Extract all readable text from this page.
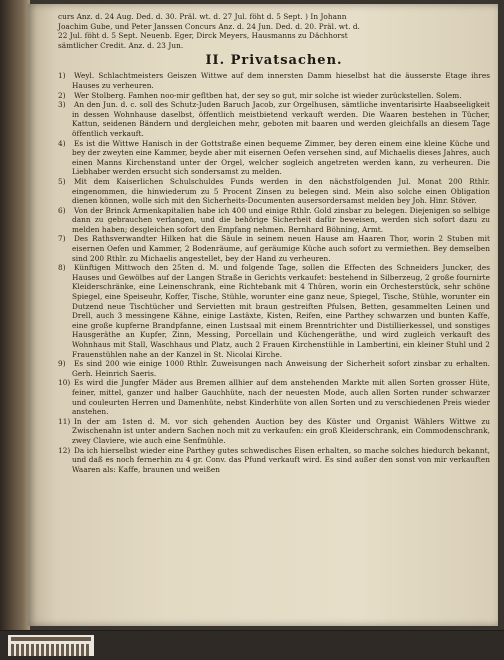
curs Anz. d. 24 Aug. Ded. d. 30. Präl. wt. d. 27 Jul. föht d. 5 Sept. ) In Johann
Joachim Gube, und Peter Janssen Concurs Anz. d. 24 Jun. Ded. d. 20. Präl. wt. d.
22 Jul. föht d. 5 Sept. Neuenb. Eger, Dirck Meyers, Hausmanns zu Dächhorst
sämtlicher Credit. Anz. d. 23 Jun.
II. Privatsachen.
1) Weyl. Schlachtmeisters Geiszen Wittwe auf dem innersten Damm hieselbst hat die äusserste Etage ihres Hauses zu verheuren.
2) Wer Stolberg. Famhen noo-mir gefltben hat, der sey so gut, mir solche ist wieder zurückstellen. Solem.
3) An den Jun. d. c. soll des Schutz-Juden Baruch Jacob, zur Orgelhusen, sämtliche inventarisirte Haabseeligkeit in dessen Wohnhause daselbst, öffentlich meistbietend verkauft werden. Die Waaren bestehen in Tücher, Kattun, seidenen Bändern und dergleichen mehr, geboten mit baaren und werden gleichfalls an diesem Tage öffentlich verkauft.
4) Es ist die Wittwe Hanisch in der Gottstraße einen bequeme Zimmer, bey deren einem eine kleine Küche und bey der zweyten eine Kammer, beyde aber mit eisernen Oefen versehen sind, auf Michaelis dieses Jahres, auch einen Manns Kirchenstand unter der Orgel, welcher sogleich angetreten werden kann, zu verheuren. Die Liebhaber werden ersucht sich sondersamst zu melden.
5) Mit dem Kaiserlichen Schulschuldes Funds werden in den nächstfolgenden Jul. Monat 200 Rthlr. eingenommen, die hinwiederum zu 5 Procent Zinsen zu belegen sind. Mein also solche einen Obligation dienen können, wolle sich mit den Sicherheits-Documenten ausersordersamst melden bey Joh. Hinr. Stöver.
6) Von der Brinck Armenkapitalien habe ich 400 und einige Rthlr. Gold zinsbar zu belegen. Diejenigen so selbige dann zu gebrauchen verlangen, und die behörige Sicherheit dafür beweisen, werden sich sofort dazu zu melden haben; desgleichen sofort den Empfang nehmen. Bernhard Böhning, Armt.
7) Des Rathsverwandter Hilken hat die Säule in seinem neuen Hause am Haaren Thor, worin 2 Stuben mit eisernen Oefen und Kammer, 2 Bodenräume, auf geräumige Küche auch sofort zu vermiethen. Bey demselben sind 200 Rthlr. zu Michaelis angestellet, bey der Hand zu verheuren.
8) Künftigen Mittwoch den 25ten d. M. und folgende Tage, sollen die Effecten des Schneiders Juncker, des Hauses und Gewölbes auf der Langen Straße in Gerichts verkaufet: bestehend in Silberzeug, 2 große fournirte Kleiderschränke, eine Leinenschrank, eine Richtebank mit 4 Thüren, worin ein Orchesterstück, sehr schöne Spiegel, eine Speiseuhr, Koffer, Tische, Stühle, worunter eine ganz neue, Spiegel, Tische, Stühle, worunter ein Dutzend neue Tischtücher und Servietten mit braun gestreiften Pfulsen, Betten, gesammelten Leinen und Drell, auch 3 messingene Kähne, einige Lastäxte, Kisten, Reifen, eine Parthey schwarzen und bunten Kaffe, eine große kupferne Brandpfanne, einen Lustsaal mit einem Brenntrichter und Distillierkessel, und sonstiges Hausgeräthe an Kupfer, Zinn, Messing, Porcellain und Küchengeräthe, und wird zugleich verkauft des Wohnhaus mit Stall, Waschhaus und Platz, auch 2 Frauen Kirchenstühle in Lambertini, ein kleiner Stuhl und 2 Frauenstühlen nahe an der Kanzel in St. Nicolai Kirche.
9) Es sind 200 wie einige 1000 Rthlr. Zuweisungen nach Anweisung der Sicherheit sofort zinsbar zu erhalten. Gerh. Heinrich Saeris.
10) Es wird die Jungfer Mäder aus Bremen allhier auf dem anstehenden Markte mit allen Sorten grosser Hüte, feiner, mittel, ganzer und halber Gauchhüte, nach der neuesten Mode, auch allen Sorten runder schwarzer und couleurten Herren und Damenhüte, nebst Kinderhüte von allen Sorten und zu verschiedenen Preis wieder anstehen.
11) In der am 1sten d. M. vor sich gehenden Auction bey des Küster und Organist Wählers Wittwe zu Zwischenahn ist unter andern Sachen noch mit zu verkaufen: ein groß Kleiderschrank, ein Commodenschrank, zwey Claviere, wie auch eine Senfmühle.
12) Da ich hierselbst wieder eine Parthey gutes schwedisches Eisen erhalten, so mache solches hiedurch bekannt, und daß es noch fernerhin zu 4 gr. Conv. das Pfund verkauft wird. Es sind außer den sonst von mir verkauften Waaren als: Kaffe, braunen und weißen
